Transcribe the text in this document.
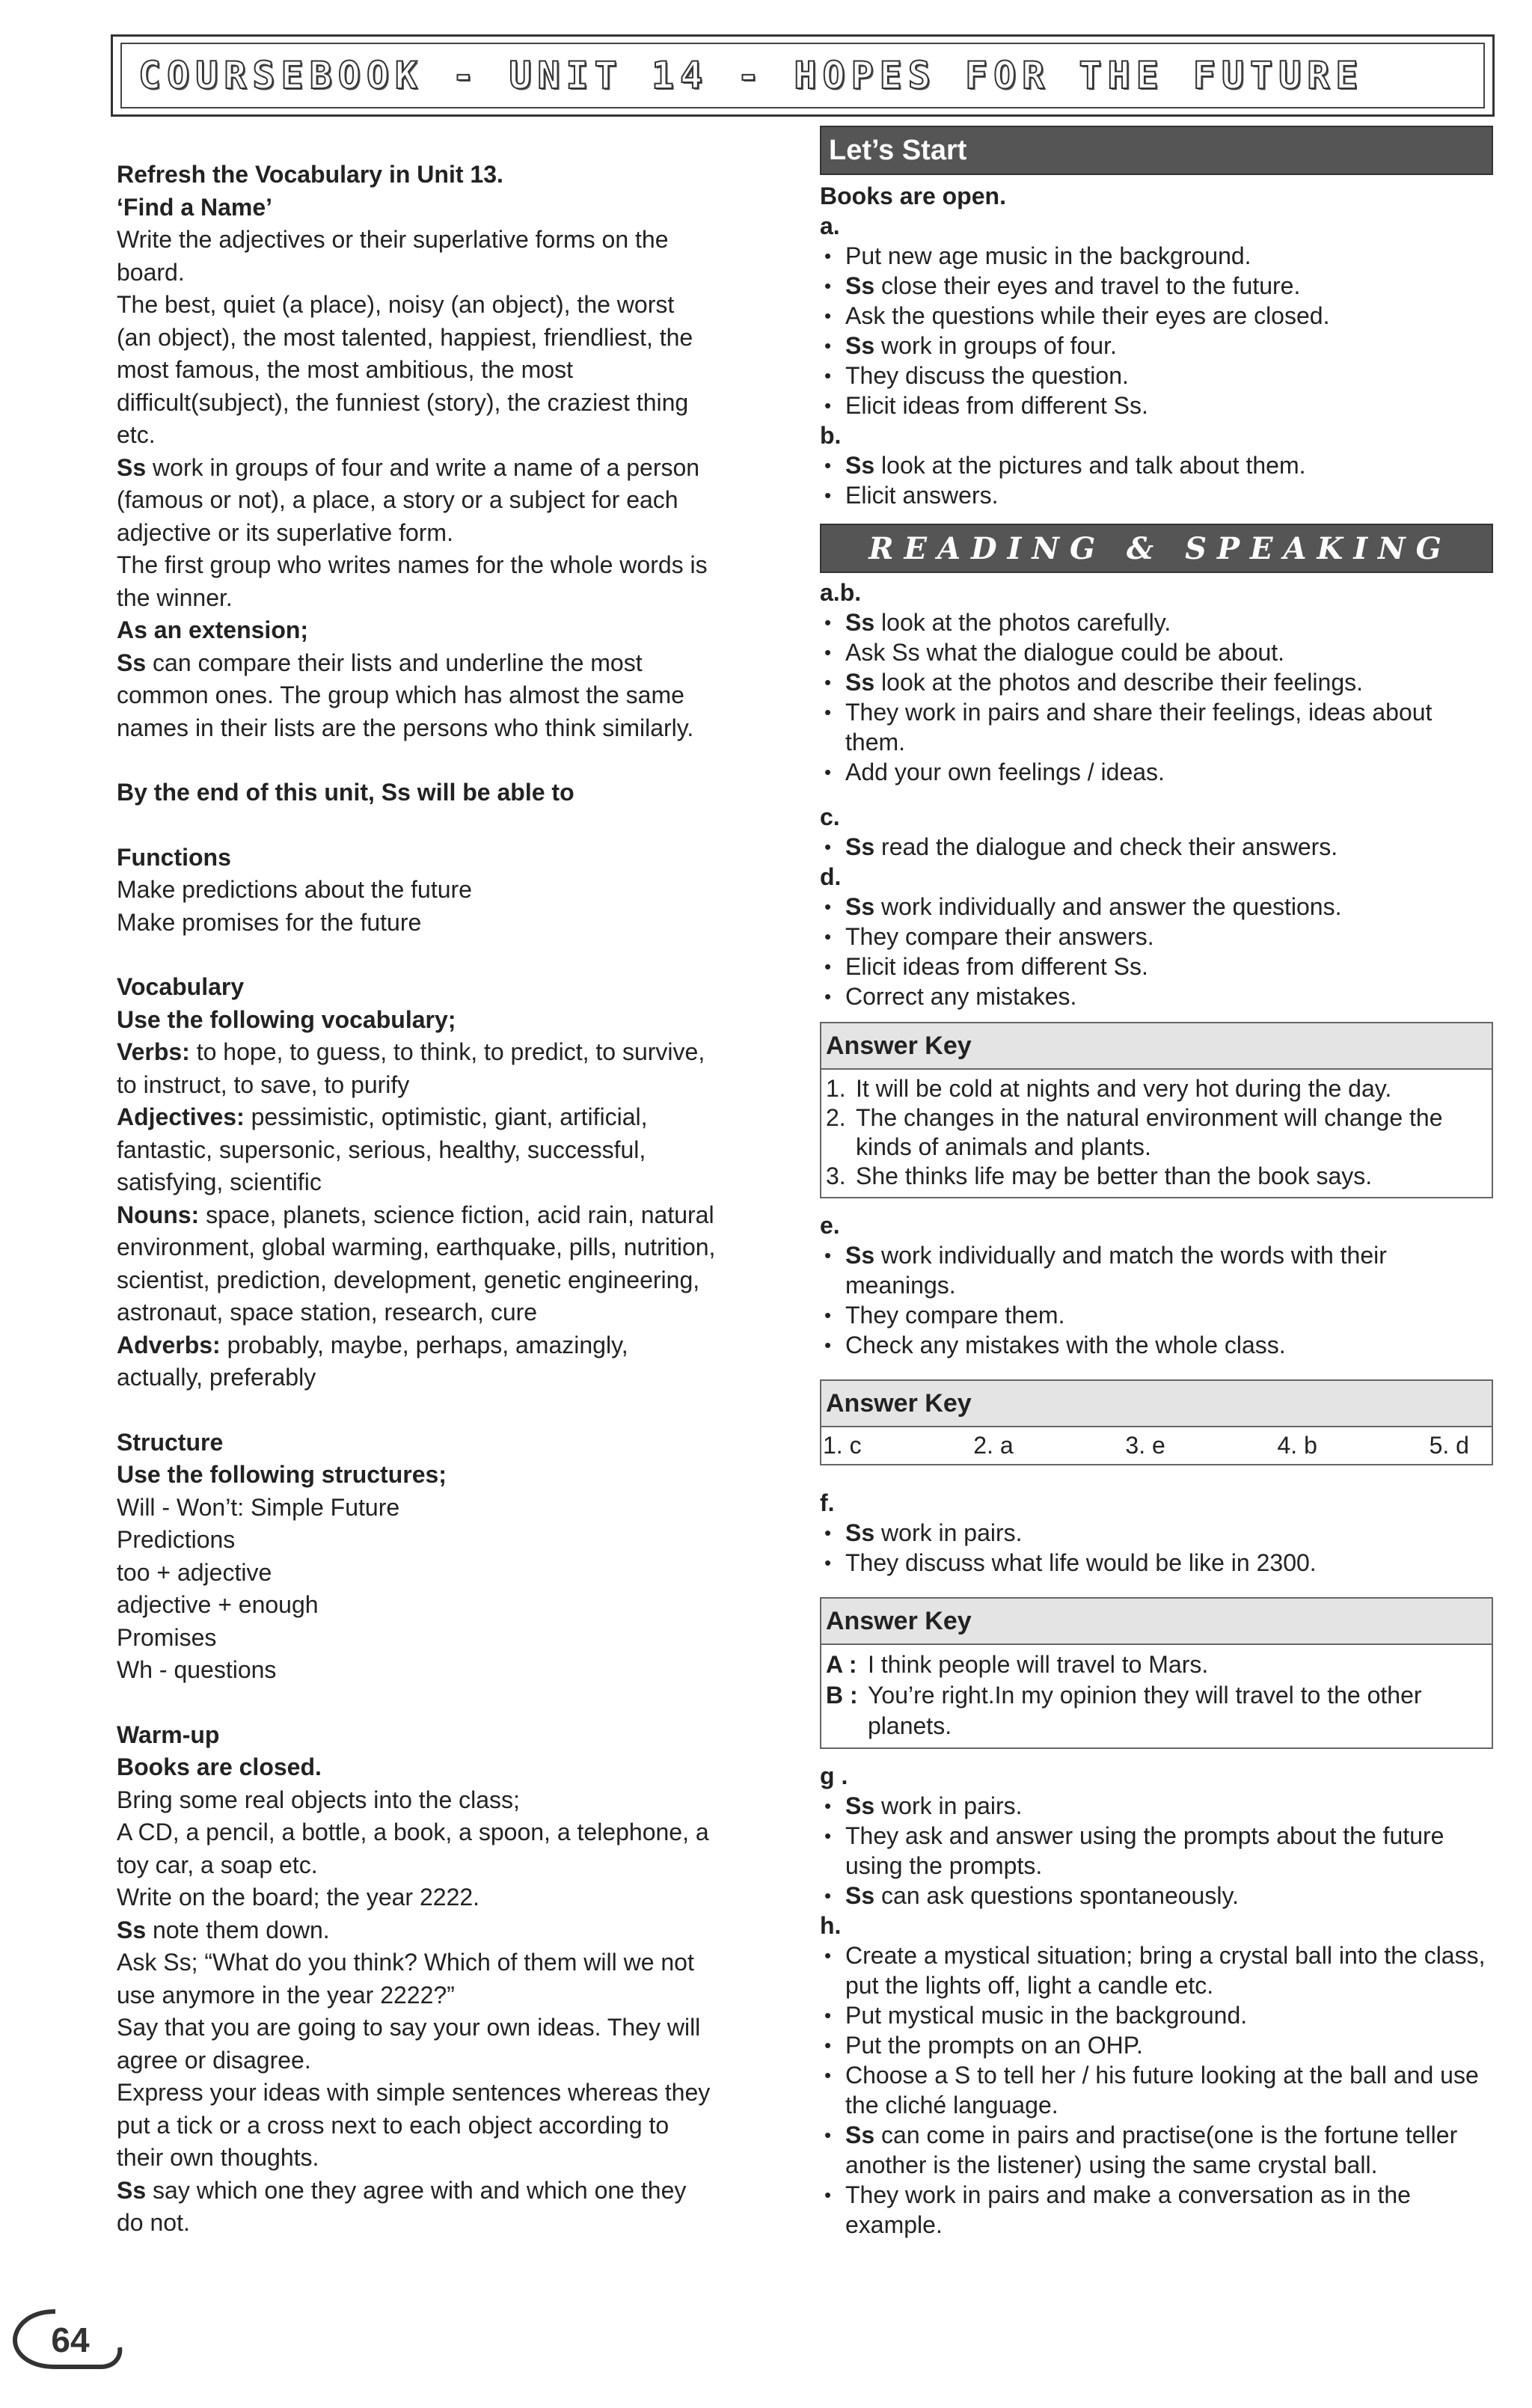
COURSEBOOK - UNIT 14 - HOPES FOR THE FUTURE
Refresh the Vocabulary in Unit 13.
‘Find a Name’
Write the adjectives or their superlative forms on the
board.
The best, quiet (a place), noisy (an object), the worst
(an object), the most talented, happiest, friendliest, the
most famous, the most ambitious, the most
difficult(subject), the funniest (story), the craziest thing
etc.
Ss work in groups of four and write a name of a person
(famous or not), a place, a story or a subject for each
adjective or its superlative form.
The first group who writes names for the whole words is
the winner.
As an extension;
Ss can compare their lists and underline the most
common ones. The group which has almost the same
names in their lists are the persons who think similarly.
By the end of this unit, Ss will be able to
Functions
Make predictions about the future
Make promises for the future
Vocabulary
Use the following vocabulary;
Verbs: to hope, to guess, to think, to predict, to survive,
to instruct, to save, to purify
Adjectives: pessimistic, optimistic, giant, artificial,
fantastic, supersonic, serious, healthy, successful,
satisfying, scientific
Nouns: space, planets, science fiction, acid rain, natural
environment, global warming, earthquake, pills, nutrition,
scientist, prediction, development, genetic engineering,
astronaut, space station, research, cure
Adverbs: probably, maybe, perhaps, amazingly,
actually, preferably
Structure
Use the following structures;
Will - Won’t: Simple Future
Predictions
too + adjective
adjective + enough
Promises
Wh - questions
Warm-up
Books are closed.
Bring some real objects into the class;
A CD, a pencil, a bottle, a book, a spoon, a telephone, a
toy car, a soap etc.
Write on the board; the year 2222.
Ss note them down.
Ask Ss; “What do you think? Which of them will we not
use anymore in the year 2222?”
Say that you are going to say your own ideas. They will
agree or disagree.
Express your ideas with simple sentences whereas they
put a tick or a cross next to each object according to
their own thoughts.
Ss say which one they agree with and which one they
do not.
Let’s Start
Books are open.
a.
• Put new age music in the background.
• Ss close their eyes and travel to the future.
• Ask the questions while their eyes are closed.
• Ss work in groups of four.
• They discuss the question.
• Elicit ideas from different Ss.
b.
• Ss look at the pictures and talk about them.
• Elicit answers.
READING & SPEAKING
a.b.
• Ss look at the photos carefully.
• Ask Ss what the dialogue could be about.
• Ss look at the photos and describe their feelings.
• They work in pairs and share their feelings, ideas about them.
• Add your own feelings / ideas.
c.
• Ss read the dialogue and check their answers.
d.
• Ss work individually and answer the questions.
• They compare their answers.
• Elicit ideas from different Ss.
• Correct any mistakes.
Answer Key
1. It will be cold at nights and very hot during the day.
2. The changes in the natural environment will change the kinds of animals and plants.
3. She thinks life may be better than the book says.
e.
• Ss work individually and match the words with their meanings.
• They compare them.
• Check any mistakes with the whole class.
Answer Key
1. c	2. a	3. e	4. b	5. d
f.
• Ss work in pairs.
• They discuss what life would be like in 2300.
Answer Key
A : I think people will travel to Mars.
B : You’re right.In my opinion they will travel to the other planets.
g .
• Ss work in pairs.
• They ask and answer using the prompts about the future using the prompts.
• Ss can ask questions spontaneously.
h.
• Create a mystical situation; bring a crystal ball into the class, put the lights off, light a candle etc.
• Put mystical music in the background.
• Put the prompts on an OHP.
• Choose a S to tell her / his future looking at the ball and use the cliché language.
• Ss can come in pairs and practise(one is the fortune teller another is the listener) using the same crystal ball.
• They work in pairs and make a conversation as in the example.
64
